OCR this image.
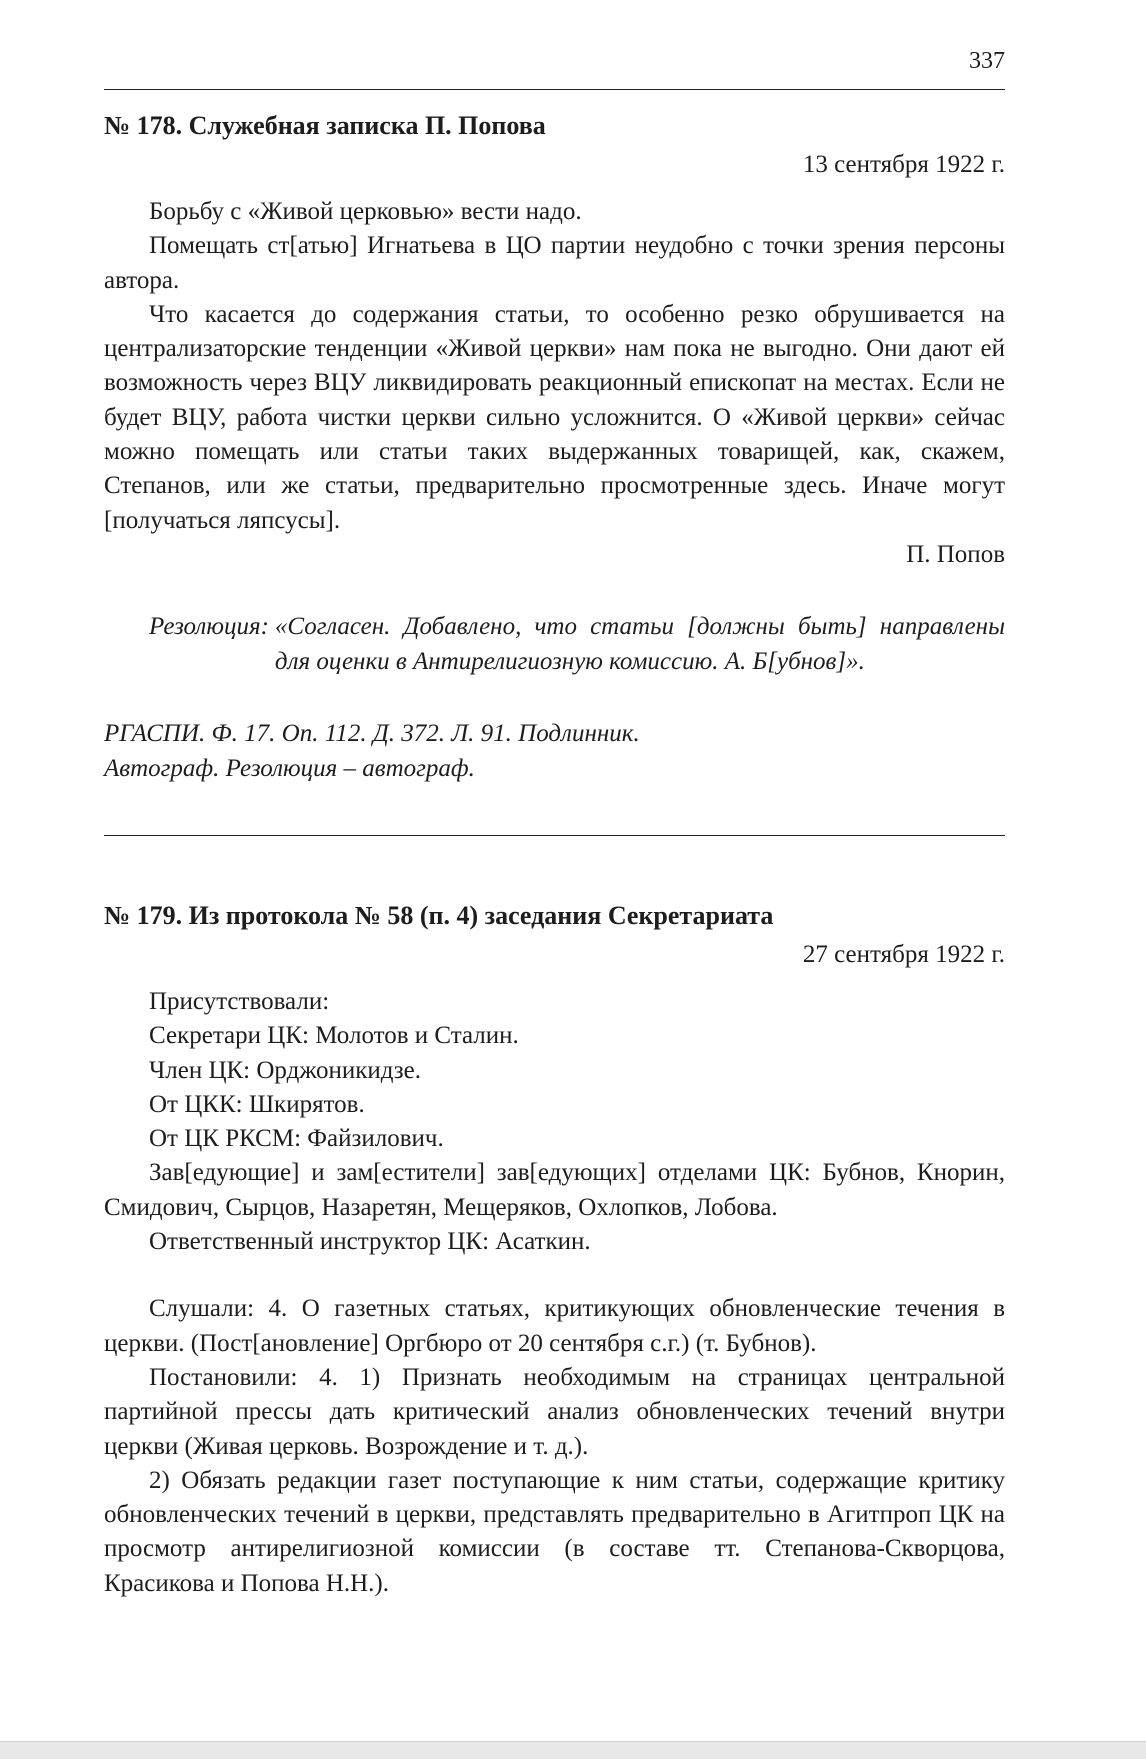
337
№ 178. Служебная записка П. Попова

13 сентября 1922 г.

Борьбу с «Живой церковью» вести надо.

Помещать ст[атью] Игнатьева в ЦО партии неудобно с точки зрения персоны автора.

Что касается до содержания статьи, то особенно резко обрушивается на централизаторские тенденции «Живой церкви» нам пока не выгодно. Они дают ей возможность через ВЦУ ликвидировать реакционный епископат на местах. Если не будет ВЦУ, работа чистки церкви сильно усложнится. О «Живой церкви» сейчас можно помещать или статьи таких выдержанных товарищей, как, скажем, Степанов, или же статьи, предварительно просмотренные здесь. Иначе могут [получаться ляпсусы].

П. Попов

Резолюция: «Согласен. Добавлено, что статьи [должны быть] направлены для оценки в Антирелигиозную комиссию. А. Б[убнов]».
РГАСПИ. Ф. 17. Оп. 112. Д. 372. Л. 91. Подлинник.
Автограф. Резолюция – автограф.
№ 179. Из протокола № 58 (п. 4) заседания Секретариата

27 сентября 1922 г.

Присутствовали:

Секретари ЦК: Молотов и Сталин.

Член ЦК: Орджоникидзе.

От ЦКК: Шкирятов.

От ЦК РКСМ: Файзилович.

Зав[едующие] и зам[естители] зав[едующих] отделами ЦК: Бубнов, Кнорин, Смидович, Сырцов, Назаретян, Мещеряков, Охлопков, Лобова.

Ответственный инструктор ЦК: Асаткин.

Слушали: 4. О газетных статьях, критикующих обновленческие течения в церкви. (Пост[ановление] Оргбюро от 20 сентября с.г.) (т. Бубнов).

Постановили: 4. 1) Признать необходимым на страницах центральной партийной прессы дать критический анализ обновленческих течений внутри церкви (Живая церковь. Возрождение и т. д.).

2) Обязать редакции газет поступающие к ним статьи, содержащие критику обновленческих течений в церкви, представлять предварительно в Агитпроп ЦК на просмотр антирелигиозной комиссии (в составе тт. Степанова-Скворцова, Красикова и Попова Н.Н.).
